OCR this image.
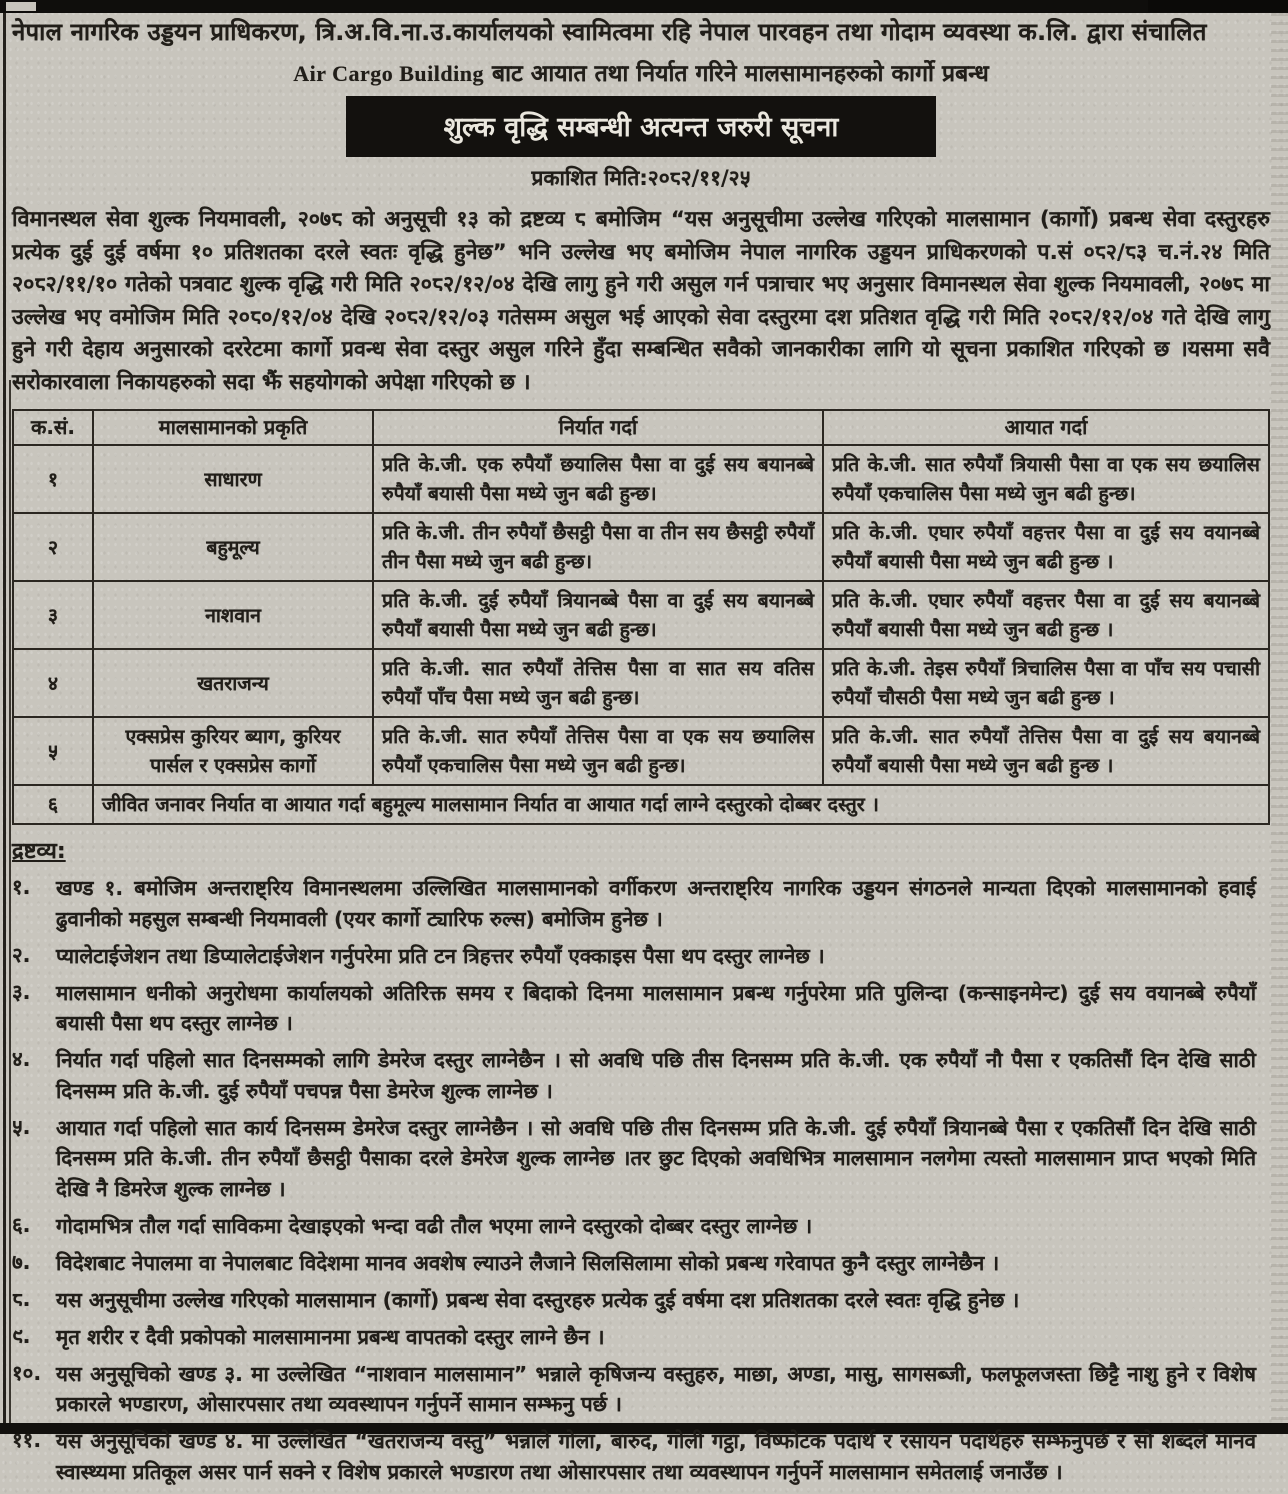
नेपाल नागरिक उड्डयन प्राधिकरण, त्रि.अ.वि.ना.उ.कार्यालयको स्वामित्वमा रहि नेपाल पारवहन तथा गोदाम व्यवस्था क.लि. द्वारा संचालित
Air Cargo Building बाट आयात तथा निर्यात गरिने मालसामानहरुको कार्गो प्रबन्ध
शुल्क वृद्धि सम्बन्धी अत्यन्त जरुरी सूचना
प्रकाशित मिति:२०८२/११/२५
विमानस्थल सेवा शुल्क नियमावली, २०७८ को अनुसूची १३ को द्रष्टव्य ८ बमोजिम “यस अनुसूचीमा उल्लेख गरिएको मालसामान (कार्गो) प्रबन्ध सेवा दस्तुरहरु प्रत्येक दुई दुई वर्षमा १० प्रतिशतका दरले स्वतः वृद्धि हुनेछ” भनि उल्लेख भए बमोजिम नेपाल नागरिक उड्डयन प्राधिकरणको प.सं ०८२/८३ च.नं.२४ मिति २०८२/११/१० गतेको पत्रवाट शुल्क वृद्धि गरी मिति २०८२/१२/०४ देखि लागु हुने गरी असुल गर्न पत्राचार भए अनुसार विमानस्थल सेवा शुल्क नियमावली, २०७८ मा उल्लेख भए वमोजिम मिति २०८०/१२/०४ देखि २०८२/१२/०३ गतेसम्म असुल भई आएको सेवा दस्तुरमा दश प्रतिशत वृद्धि गरी मिति २०८२/१२/०४ गते देखि लागु हुने गरी देहाय अनुसारको दररेटमा कार्गो प्रवन्ध सेवा दस्तुर असुल गरिने हुँदा सम्बन्धित सवैको जानकारीका लागि यो सूचना प्रकाशित गरिएको छ ।यसमा सवै सरोकारवाला निकायहरुको सदा झैं सहयोगको अपेक्षा गरिएको छ ।
क.सं.	मालसामानको प्रकृति	निर्यात गर्दा	आयात गर्दा
१	साधारण	प्रति के.जी. एक रुपैयाँ छयालिस पैसा वा दुई सय बयानब्बे रुपैयाँ बयासी पैसा मध्ये जुन बढी हुन्छ।	प्रति के.जी. सात रुपैयाँ त्रियासी पैसा वा एक सय छयालिस रुपैयाँ एकचालिस पैसा मध्ये जुन बढी हुन्छ।
२	बहुमूल्य	प्रति के.जी. तीन रुपैयाँ छैसट्ठी पैसा वा तीन सय छैसट्ठी रुपैयाँ तीन पैसा मध्ये जुन बढी हुन्छ।	प्रति के.जी. एघार रुपैयाँ वहत्तर पैसा वा दुई सय वयानब्बे रुपैयाँ बयासी पैसा मध्ये जुन बढी हुन्छ ।
३	नाशवान	प्रति के.जी. दुई रुपैयाँ त्रियानब्बे पैसा वा दुई सय बयानब्बे रुपैयाँ बयासी पैसा मध्ये जुन बढी हुन्छ।	प्रति के.जी. एघार रुपैयाँ वहत्तर पैसा वा दुई सय बयानब्बे रुपैयाँ बयासी पैसा मध्ये जुन बढी हुन्छ ।
४	खतराजन्य	प्रति के.जी. सात रुपैयाँ तेत्तिस पैसा वा सात सय वतिस रुपैयाँ पाँच पैसा मध्ये जुन बढी हुन्छ।	प्रति के.जी. तेइस रुपैयाँ त्रिचालिस पैसा वा पाँच सय पचासी रुपैयाँ चौसठी पैसा मध्ये जुन बढी हुन्छ ।
५	एक्सप्रेस कुरियर ब्याग, कुरियर पार्सल र एक्सप्रेस कार्गो	प्रति के.जी. सात रुपैयाँ तेत्तिस पैसा वा एक सय छयालिस रुपैयाँ एकचालिस पैसा मध्ये जुन बढी हुन्छ।	प्रति के.जी. सात रुपैयाँ तेत्तिस पैसा वा दुई सय बयानब्बे रुपैयाँ बयासी पैसा मध्ये जुन बढी हुन्छ ।
६	जीवित जनावर निर्यात वा आयात गर्दा बहुमूल्य मालसामान निर्यात वा आयात गर्दा लाग्ने दस्तुरको दोब्बर दस्तुर ।		
द्रष्टव्य:
१.	खण्ड १. बमोजिम अन्तराष्ट्रिय विमानस्थलमा उल्लिखित मालसामानको वर्गीकरण अन्तराष्ट्रिय नागरिक उड्डयन संगठनले मान्यता दिएको मालसामानको हवाई ढुवानीको महसुल सम्बन्धी नियमावली (एयर कार्गो ट्यारिफ रुल्स) बमोजिम हुनेछ ।
२.	प्यालेटाईजेशन तथा डिप्यालेटाईजेशन गर्नुपरेमा प्रति टन त्रिहत्तर रुपैयाँ एक्काइस पैसा थप दस्तुर लाग्नेछ ।
३.	मालसामान धनीको अनुरोधमा कार्यालयको अतिरिक्त समय र बिदाको दिनमा मालसामान प्रबन्ध गर्नुपरेमा प्रति पुलिन्दा (कन्साइनमेन्ट) दुई सय वयानब्बे रुपैयाँ बयासी पैसा थप दस्तुर लाग्नेछ ।
४.	निर्यात गर्दा पहिलो सात दिनसम्मको लागि डेमरेज दस्तुर लाग्नेछैन । सो अवधि पछि तीस दिनसम्म प्रति के.जी. एक रुपैयाँ नौ पैसा र एकतिसौं दिन देखि साठी दिनसम्म प्रति के.जी. दुई रुपैयाँ पचपन्न पैसा डेमरेज शुल्क लाग्नेछ ।
५.	आयात गर्दा पहिलो सात कार्य दिनसम्म डेमरेज दस्तुर लाग्नेछैन । सो अवधि पछि तीस दिनसम्म प्रति के.जी. दुई रुपैयाँ त्रियानब्बे पैसा र एकतिसौं दिन देखि साठी दिनसम्म प्रति के.जी. तीन रुपैयाँ छैसट्ठी पैसाका दरले डेमरेज शुल्क लाग्नेछ ।तर छुट दिएको अवधिभित्र मालसामान नलगेमा त्यस्तो मालसामान प्राप्त भएको मिति देखि नै डिमरेज शुल्क लाग्नेछ ।
६.	गोदामभित्र तौल गर्दा साविकमा देखाइएको भन्दा वढी तौल भएमा लाग्ने दस्तुरको दोब्बर दस्तुर लाग्नेछ ।
७.	विदेशबाट नेपालमा वा नेपालबाट विदेशमा मानव अवशेष ल्याउने लैजाने सिलसिलामा सोको प्रबन्ध गरेवापत कुनै दस्तुर लाग्नेछैन ।
८.	यस अनुसूचीमा उल्लेख गरिएको मालसामान (कार्गो) प्रबन्ध सेवा दस्तुरहरु प्रत्येक दुई वर्षमा दश प्रतिशतका दरले स्वतः वृद्धि हुनेछ ।
९.	मृत शरीर र दैवी प्रकोपको मालसामानमा प्रबन्ध वापतको दस्तुर लाग्ने छैन ।
१०. यस अनुसूचिको खण्ड ३. मा उल्लेखित “नाशवान मालसामान” भन्नाले कृषिजन्य वस्तुहरु, माछा, अण्डा, मासु, सागसब्जी, फलफूलजस्ता छिट्टै नाशु हुने र विशेष प्रकारले भण्डारण, ओसारपसार तथा व्यवस्थापन गर्नुपर्ने सामान सम्झनु पर्छ ।
११. यस अनुसूचिको खण्ड ४. मा उल्लेखित “खतराजन्य वस्तु” भन्नाले गोला, बारुद, गोली गट्ठा, विष्फोटक पदार्थ र रसायन पदार्थहरु सम्झनुपर्छ र सो शब्दले मानव स्वास्थ्यमा प्रतिकूल असर पार्न सक्ने र विशेष प्रकारले भण्डारण तथा ओसारपसार तथा व्यवस्थापन गर्नुपर्ने मालसामान समेतलाई जनाउँछ ।
